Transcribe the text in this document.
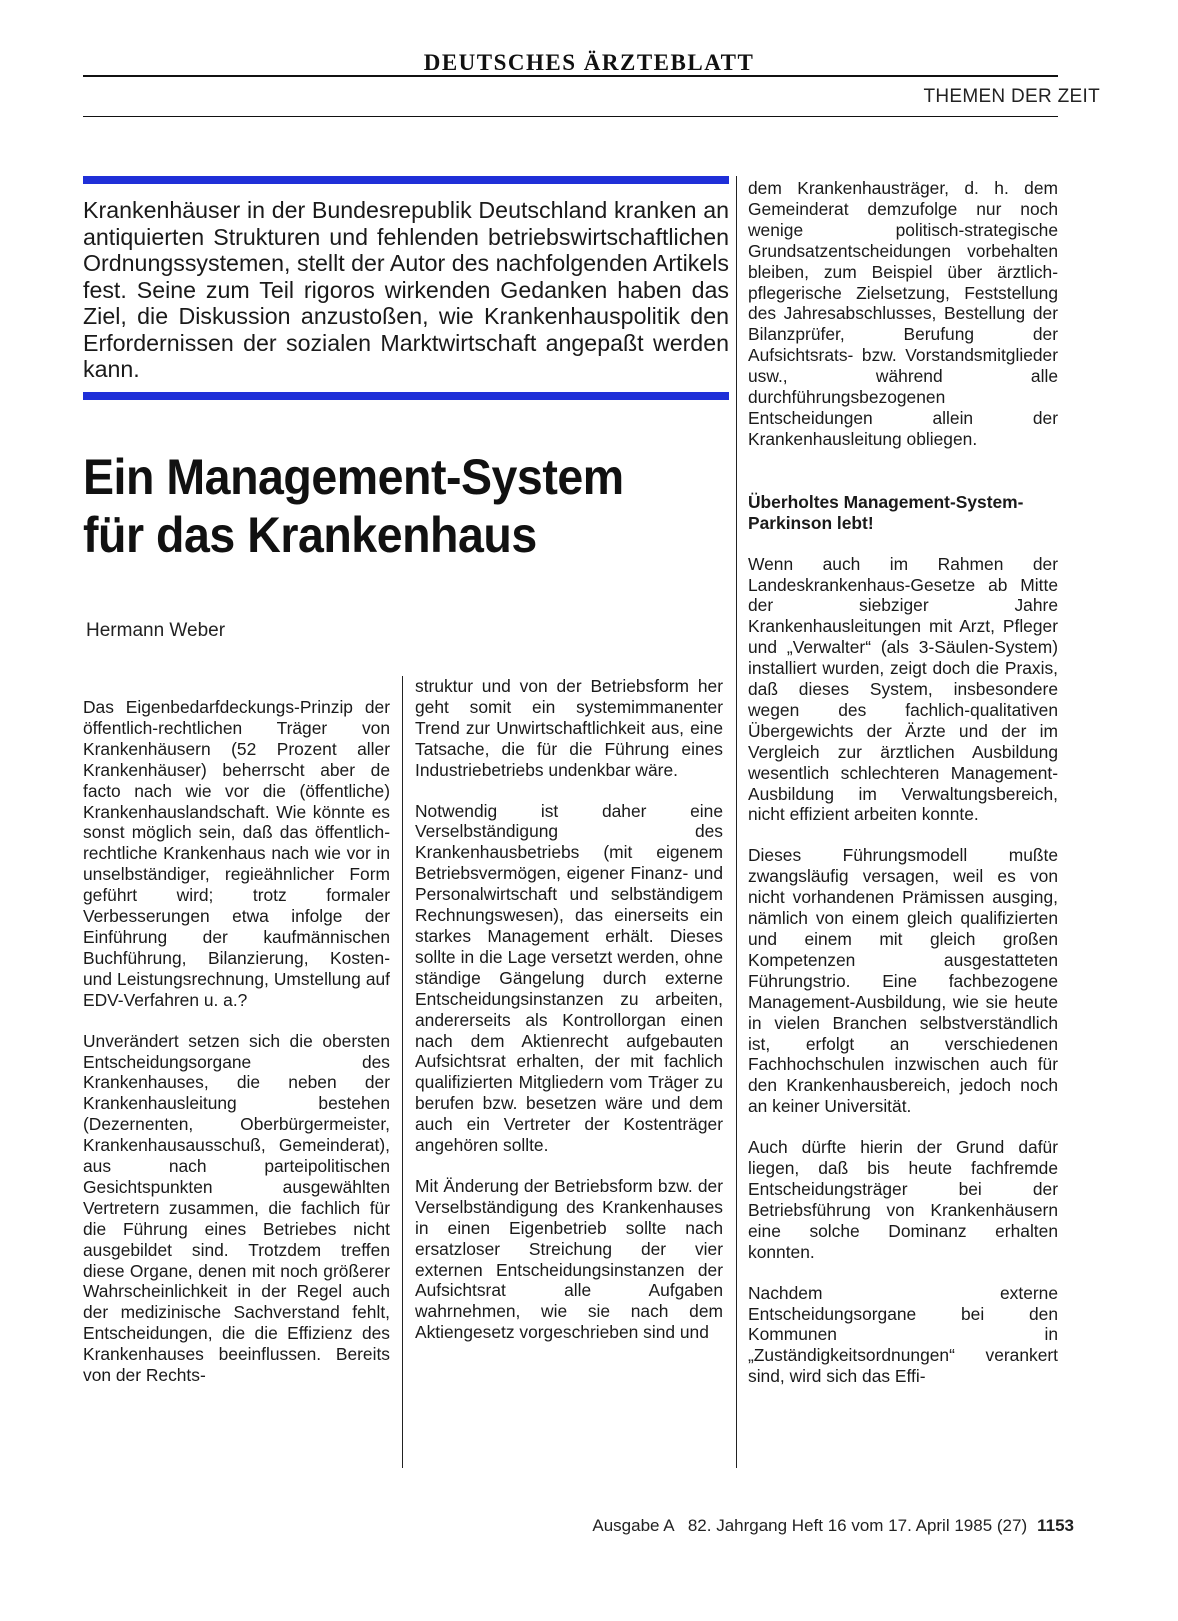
DEUTSCHES ÄRZTEBLATT
THEMEN DER ZEIT

Krankenhäuser in der Bundesrepublik Deutschland kranken an antiquierten Strukturen und fehlenden betriebswirtschaftlichen Ordnungssystemen, stellt der Autor des nachfolgenden Artikels fest. Seine zum Teil rigoros wirkenden Gedanken haben das Ziel, die Diskussion anzustoßen, wie Krankenhauspolitik den Erfordernissen der sozialen Marktwirtschaft angepaßt werden kann.

Ein Management-System
für das Krankenhaus
Hermann Weber

Das Eigenbedarfdeckungs-Prinzip der öffentlich-rechtlichen Träger von Krankenhäusern (52 Prozent aller Krankenhäuser) beherrscht aber de facto nach wie vor die (öffentliche) Krankenhauslandschaft. Wie könnte es sonst möglich sein, daß das öffentlich-rechtliche Krankenhaus nach wie vor in unselbständiger, regieähnlicher Form geführt wird; trotz formaler Verbesserungen etwa infolge der Einführung der kaufmännischen Buchführung, Bilanzierung, Kosten- und Leistungsrechnung, Umstellung auf EDV-Verfahren u. a.?

Unverändert setzen sich die obersten Entscheidungsorgane des Krankenhauses, die neben der Krankenhausleitung bestehen (Dezernenten, Oberbürgermeister, Krankenhausausschuß, Gemeinderat), aus nach parteipolitischen Gesichtspunkten ausgewählten Vertretern zusammen, die fachlich für die Führung eines Betriebes nicht ausgebildet sind. Trotzdem treffen diese Organe, denen mit noch größerer Wahrscheinlichkeit in der Regel auch der medizinische Sachverstand fehlt, Entscheidungen, die die Effizienz des Krankenhauses beeinflussen. Bereits von der Rechts-

struktur und von der Betriebsform her geht somit ein systemimmanenter Trend zur Unwirtschaftlichkeit aus, eine Tatsache, die für die Führung eines Industriebetriebs undenkbar wäre.

Notwendig ist daher eine Verselbständigung des Krankenhausbetriebs (mit eigenem Betriebsvermögen, eigener Finanz- und Personalwirtschaft und selbständigem Rechnungswesen), das einerseits ein starkes Management erhält. Dieses sollte in die Lage versetzt werden, ohne ständige Gängelung durch externe Entscheidungsinstanzen zu arbeiten, andererseits als Kontrollorgan einen nach dem Aktienrecht aufgebauten Aufsichtsrat erhalten, der mit fachlich qualifizierten Mitgliedern vom Träger zu berufen bzw. besetzen wäre und dem auch ein Vertreter der Kostenträger angehören sollte.

Mit Änderung der Betriebsform bzw. der Verselbständigung des Krankenhauses in einen Eigenbetrieb sollte nach ersatzloser Streichung der vier externen Entscheidungsinstanzen der Aufsichtsrat alle Aufgaben wahrnehmen, wie sie nach dem Aktiengesetz vorgeschrieben sind und

dem Krankenhausträger, d. h. dem Gemeinderat demzufolge nur noch wenige politisch-strategische Grundsatzentscheidungen vorbehalten bleiben, zum Beispiel über ärztlich-pflegerische Zielsetzung, Feststellung des Jahresabschlusses, Bestellung der Bilanzprüfer, Berufung der Aufsichtsrats- bzw. Vorstandsmitglieder usw., während alle durchführungsbezogenen Entscheidungen allein der Krankenhausleitung obliegen.

Überholtes Management-System-Parkinson lebt!

Wenn auch im Rahmen der Landeskrankenhaus-Gesetze ab Mitte der siebziger Jahre Krankenhausleitungen mit Arzt, Pfleger und „Verwalter“ (als 3-Säulen-System) installiert wurden, zeigt doch die Praxis, daß dieses System, insbesondere wegen des fachlich-qualitativen Übergewichts der Ärzte und der im Vergleich zur ärztlichen Ausbildung wesentlich schlechteren Management-Ausbildung im Verwaltungsbereich, nicht effizient arbeiten konnte.

Dieses Führungsmodell mußte zwangsläufig versagen, weil es von nicht vorhandenen Prämissen ausging, nämlich von einem gleich qualifizierten und einem mit gleich großen Kompetenzen ausgestatteten Führungstrio. Eine fachbezogene Management-Ausbildung, wie sie heute in vielen Branchen selbstverständlich ist, erfolgt an verschiedenen Fachhochschulen inzwischen auch für den Krankenhausbereich, jedoch noch an keiner Universität.

Auch dürfte hierin der Grund dafür liegen, daß bis heute fachfremde Entscheidungsträger bei der Betriebsführung von Krankenhäusern eine solche Dominanz erhalten konnten.

Nachdem externe Entscheidungsorgane bei den Kommunen in „Zuständigkeitsordnungen“ verankert sind, wird sich das Effi-

Ausgabe A   82. Jahrgang Heft 16 vom 17. April 1985 (27) 1153
